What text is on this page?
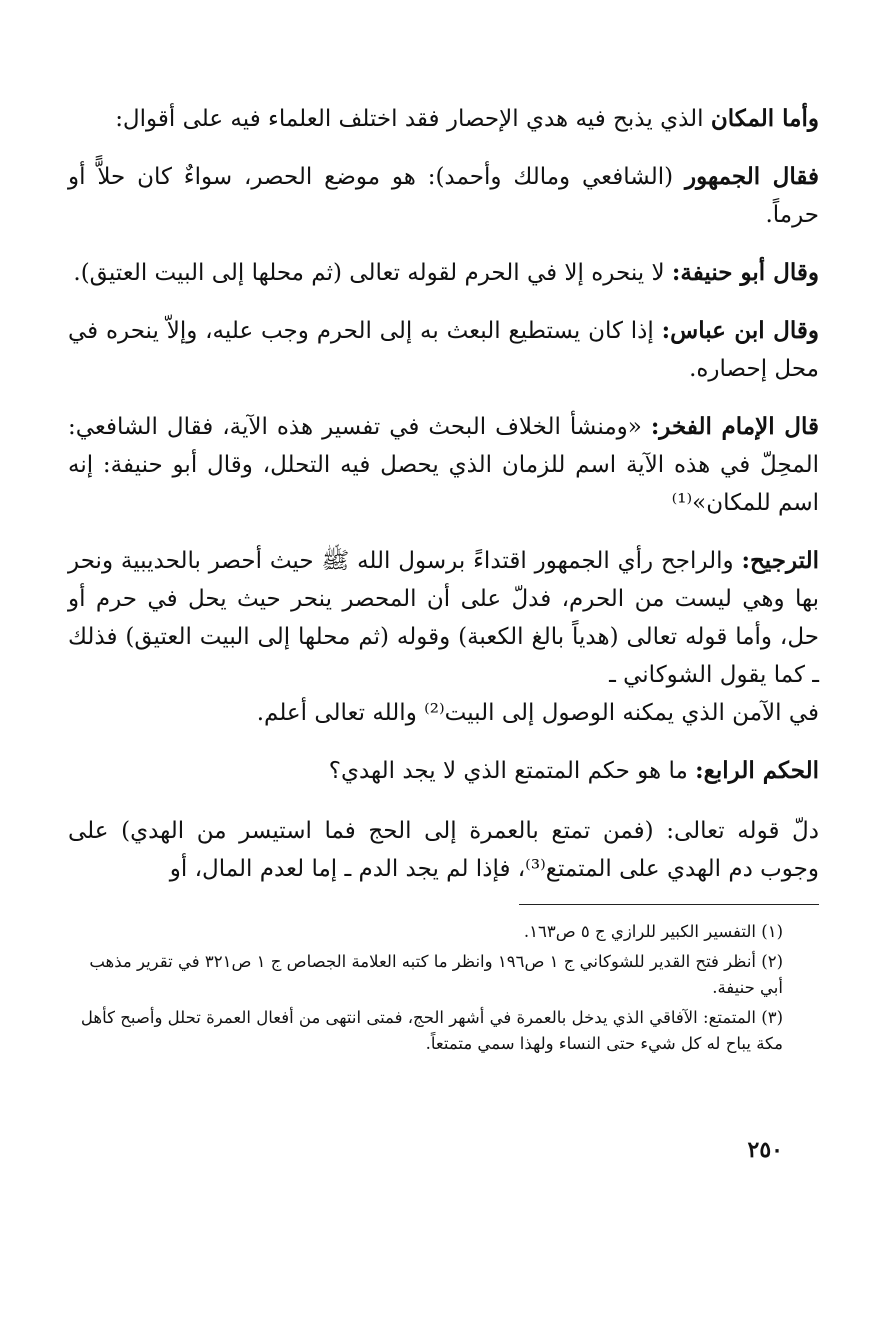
وأما المكان الذي يذبح فيه هدي الإحصار فقد اختلف العلماء فيه على أقوال:

فقال الجمهور (الشافعي ومالك وأحمد): هو موضع الحصر، سواءٌ كان حلاًّ أو حرماً.

وقال أبو حنيفة: لا ينحره إلا في الحرم لقوله تعالى (ثم محلها إلى البيت العتيق).

وقال ابن عباس: إذا كان يستطيع البعث به إلى الحرم وجب عليه، وإلاّ ينحره في محل إحصاره.

قال الإمام الفخر: «ومنشأ الخلاف البحث في تفسير هذه الآية، فقال الشافعي: المحِلّ في هذه الآية اسم للزمان الذي يحصل فيه التحلل، وقال أبو حنيفة: إنه اسم للمكان»⁽¹⁾

الترجيح: والراجح رأي الجمهور اقتداءً برسول الله ﷺ حيث أحصر بالحديبية ونحر بها وهي ليست من الحرم، فدلّ على أن المحصر ينحر حيث يحل في حرم أو حل، وأما قوله تعالى (هدياً بالغ الكعبة) وقوله (ثم محلها إلى البيت العتيق) فذلك ـ كما يقول الشوكاني ـ

في الآمن الذي يمكنه الوصول إلى البيت⁽²⁾ والله تعالى أعلم.

الحكم الرابع: ما هو حكم المتمتع الذي لا يجد الهدي؟

دلّ قوله تعالى: (فمن تمتع بالعمرة إلى الحج فما استيسر من الهدي) على وجوب دم الهدي على المتمتع⁽³⁾، فإذا لم يجد الدم ـ إما لعدم المال، أو

(١) التفسير الكبير للرازي ج ٥ ص١٦٣.

(٢) أنظر فتح القدير للشوكاني ج ١ ص١٩٦ وانظر ما كتبه العلامة الجصاص ج ١ ص٣٢١ في تقرير مذهب أبي حنيفة.

(٣) المتمتع: الآفاقي الذي يدخل بالعمرة في أشهر الحج، فمتى انتهى من أفعال العمرة تحلل وأصبح كأهل مكة يباح له كل شيء حتى النساء ولهذا سمي متمتعاً.

٢٥٠
